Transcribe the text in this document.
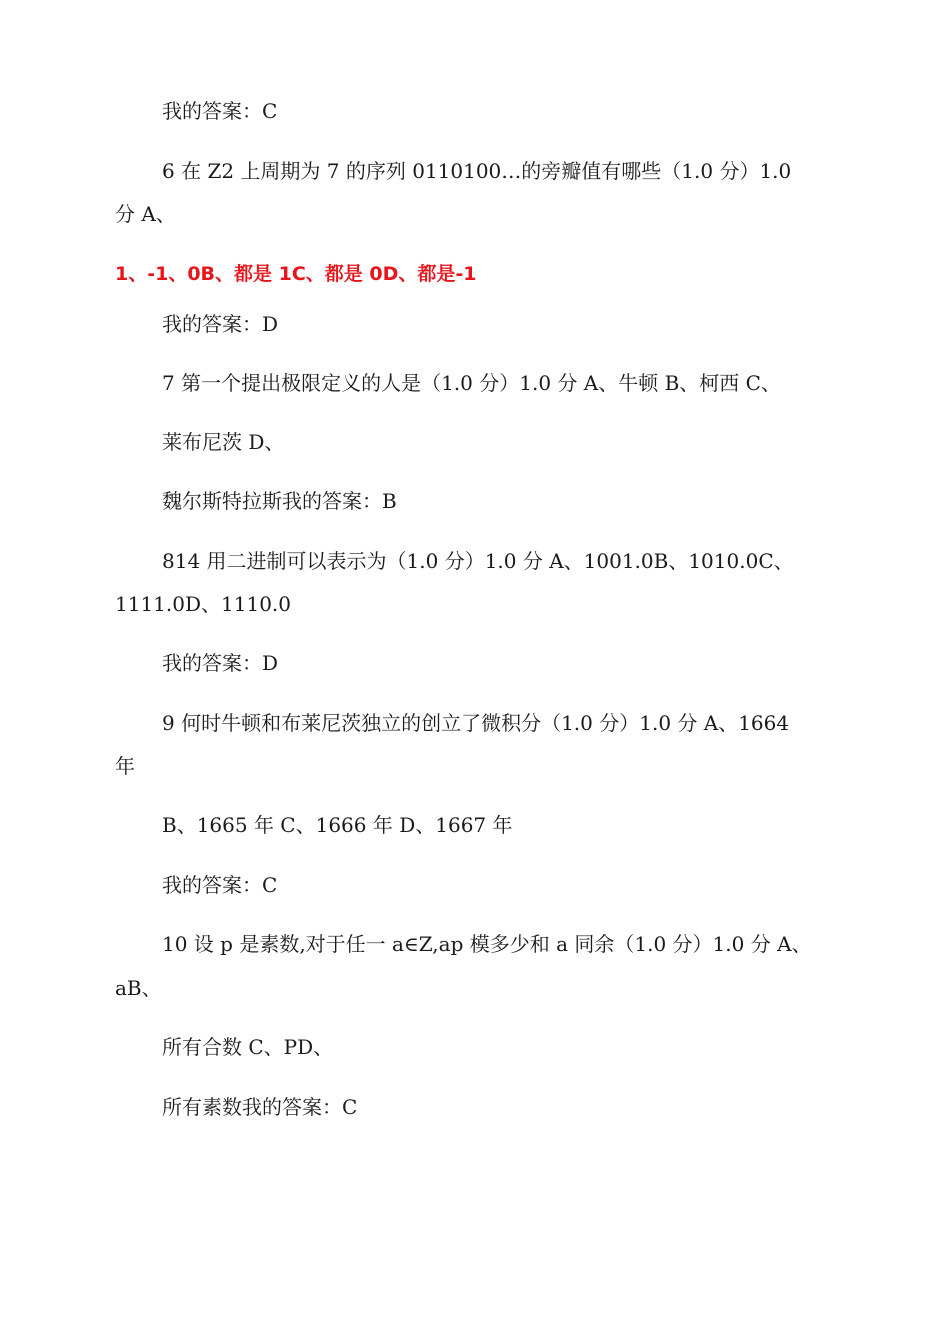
我的答案：C
6 在 Z2 上周期为 7 的序列 0110100…的旁瓣值有哪些（1.0 分）1.0
分 A、
1、-1、0B、都是 1C、都是 0D、都是-1
我的答案：D
7 第一个提出极限定义的人是（1.0 分）1.0 分 A、牛顿 B、柯西 C、
莱布尼茨 D、
魏尔斯特拉斯我的答案：B
814 用二进制可以表示为（1.0 分）1.0 分 A、1001.0B、1010.0C、
1111.0D、1110.0
我的答案：D
9 何时牛顿和布莱尼茨独立的创立了微积分（1.0 分）1.0 分 A、1664
年
B、1665 年 C、1666 年 D、1667 年
我的答案：C
10 设 p 是素数,对于任一 a∈Z,ap 模多少和 a 同余（1.0 分）1.0 分 A、
aB、
所有合数 C、PD、
所有素数我的答案：C
